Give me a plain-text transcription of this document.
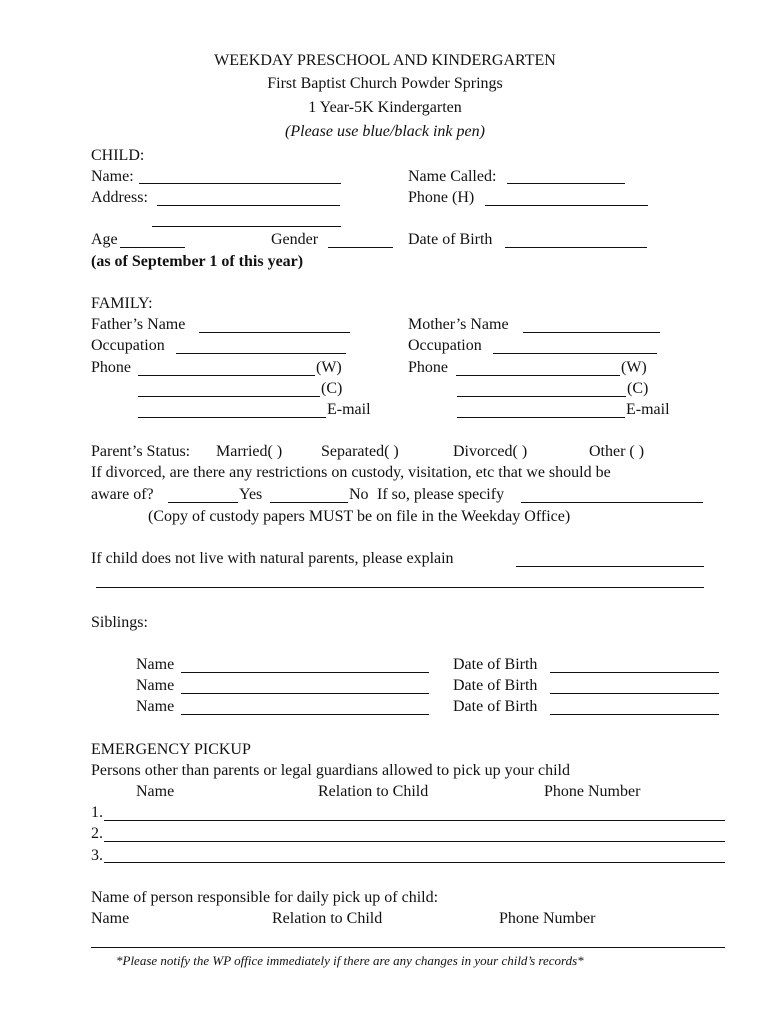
WEEKDAY PRESCHOOL AND KINDERGARTEN
First Baptist Church Powder Springs
1 Year-5K Kindergarten
(Please use blue/black ink pen)
CHILD:
Name:	Name Called:
Address:	Phone (H)
Age	Gender	Date of Birth
(as of September 1 of this year)
FAMILY:
Father’s Name	Mother’s Name
Occupation	Occupation
Phone	(W)	Phone	(W)
(C)	(C)
E-mail	E-mail
Parent’s Status: Married( ) Separated( )	Divorced( )	Other ( )
If divorced, are there any restrictions on custody, visitation, etc that we should be
aware of?	Yes	No If so, please specify
(Copy of custody papers MUST be on file in the Weekday Office)
If child does not live with natural parents, please explain
Siblings:
Name	Date of Birth
Name	Date of Birth
Name	Date of Birth
EMERGENCY PICKUP
Persons other than parents or legal guardians allowed to pick up your child
Name	Relation to Child	Phone Number
1.
2.
3.
Name of person responsible for daily pick up of child:
Name	Relation to Child	Phone Number
*Please notify the WP office immediately if there are any changes in your child’s records*
